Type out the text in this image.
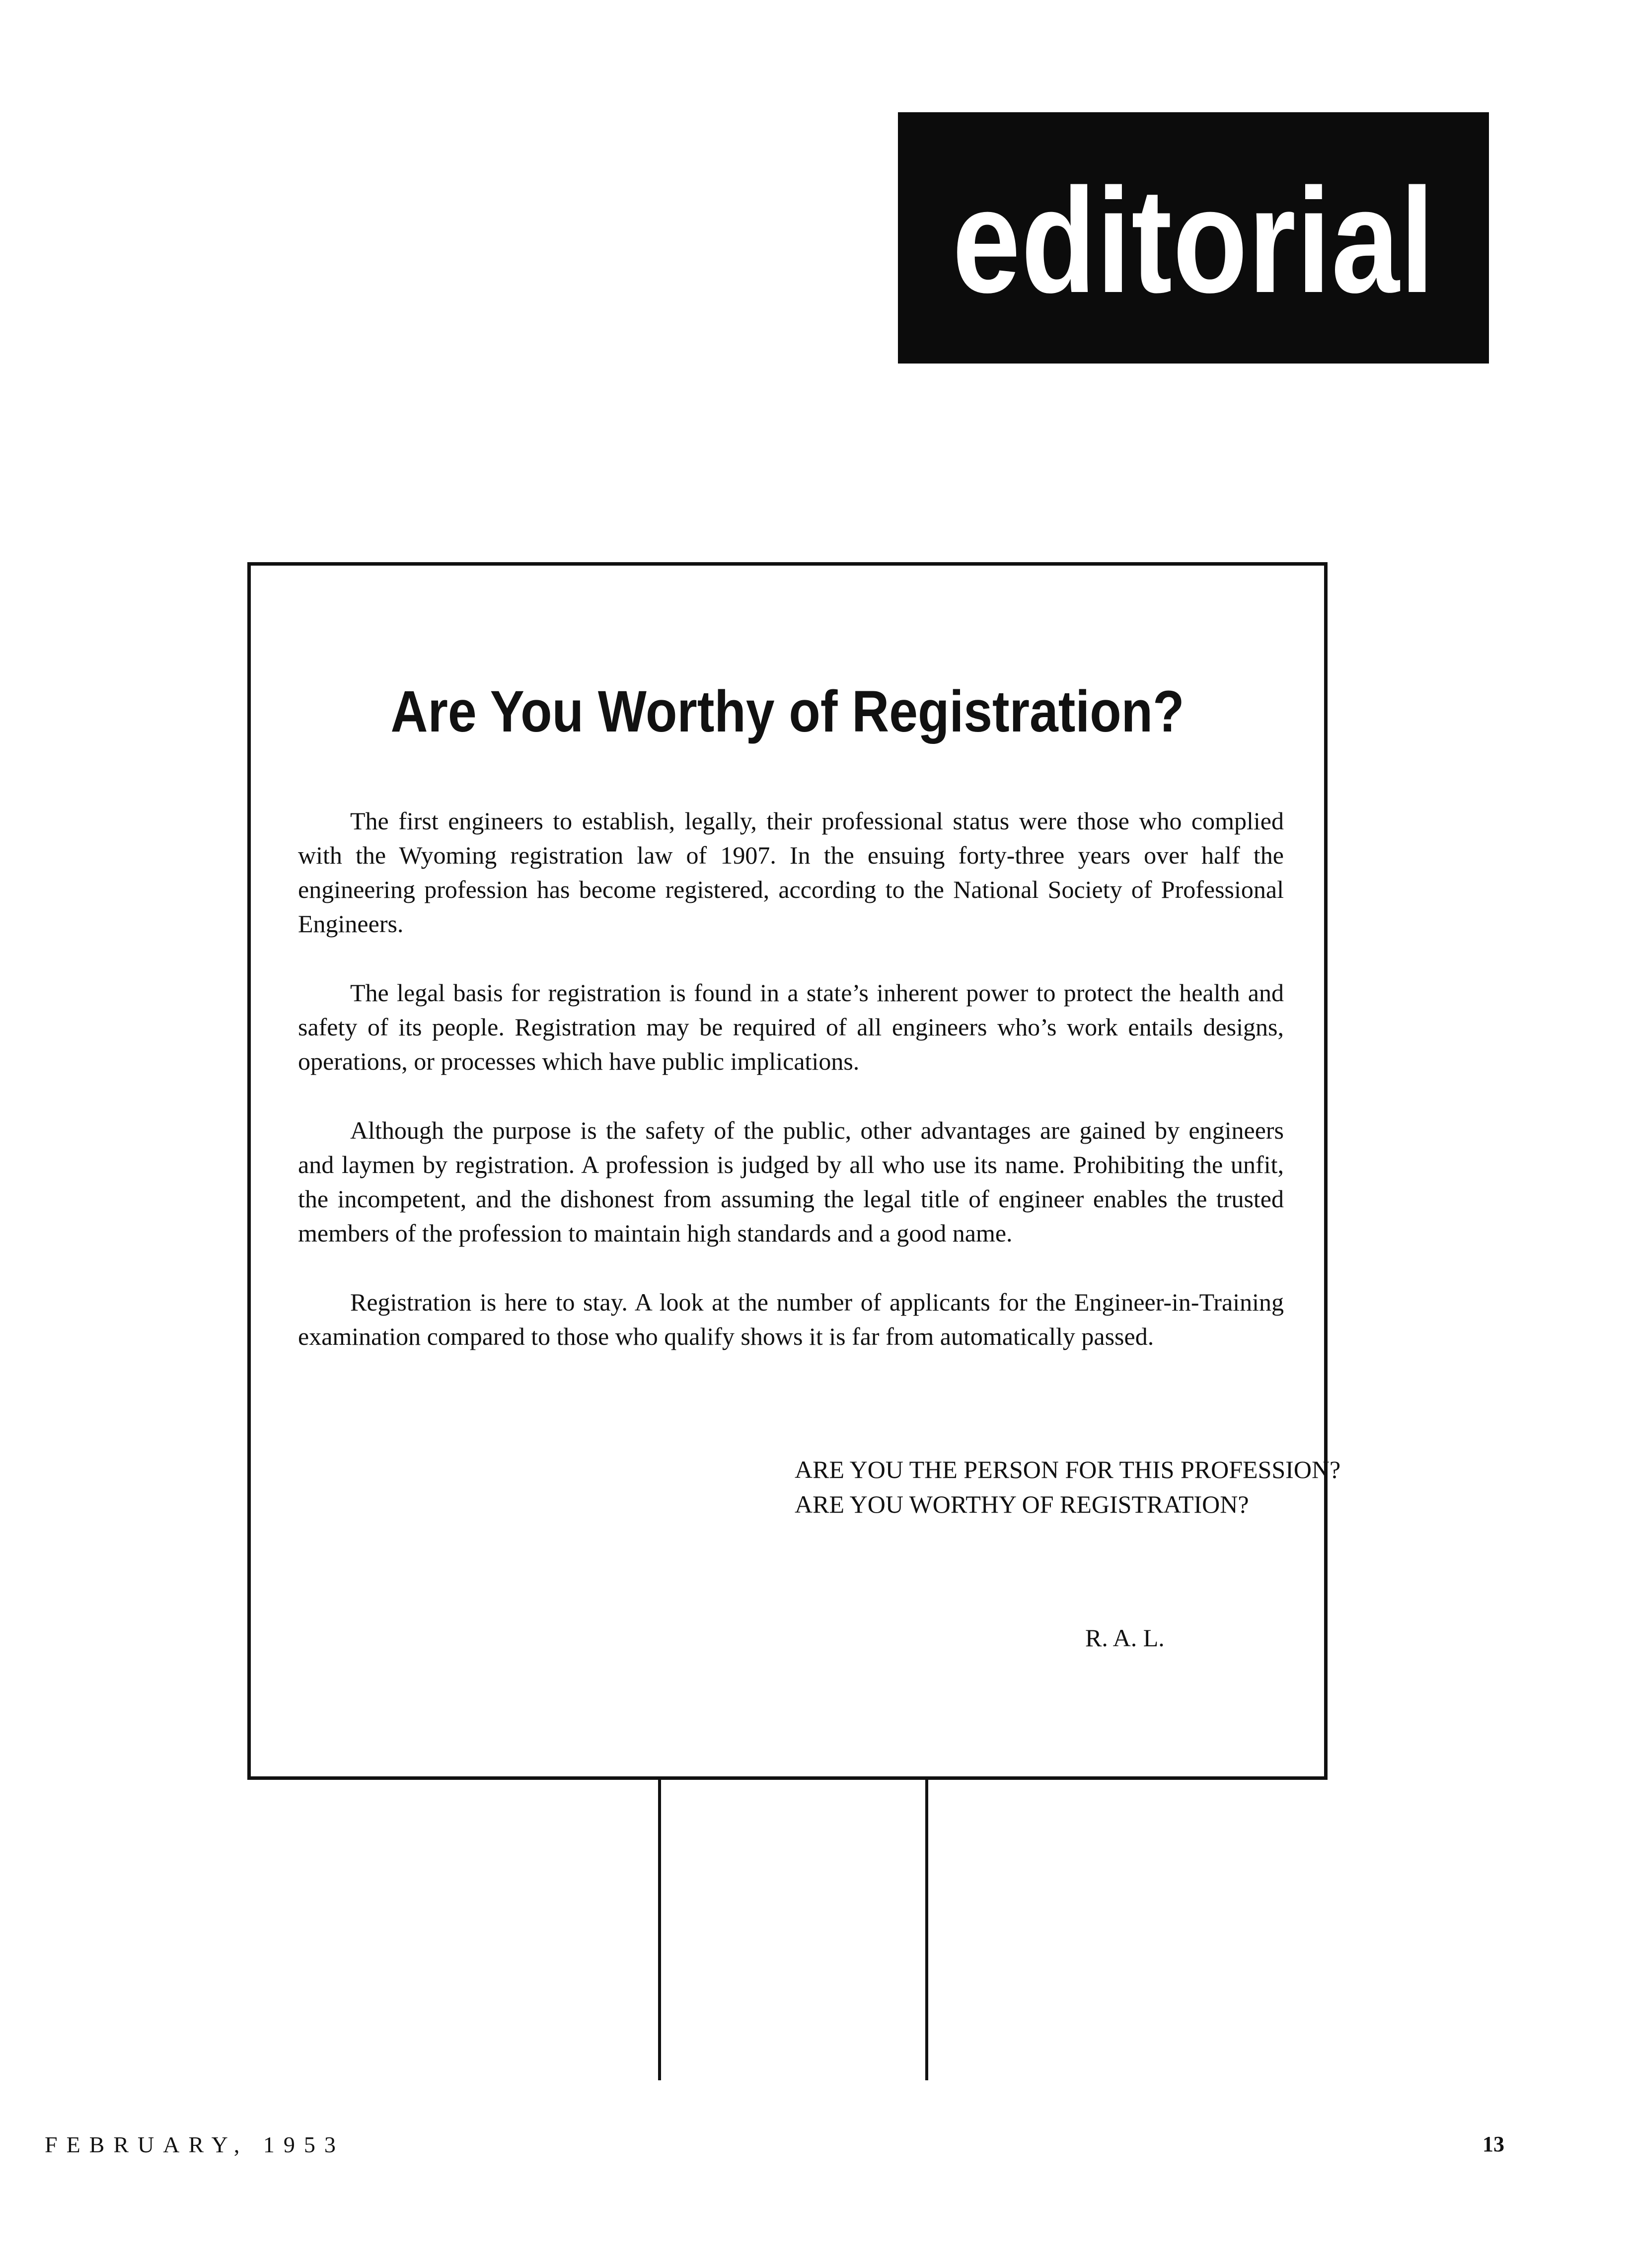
editorial
Are You Worthy of Registration?

The first engineers to establish, legally, their professional status were those who complied with the Wyoming registration law of 1907. In the ensuing forty-three years over half the engineering profession has become registered, according to the National Society of Professional Engineers.

The legal basis for registration is found in a state’s inherent power to protect the health and safety of its people. Registration may be required of all engineers who’s work entails designs, operations, or processes which have public implications.

Although the purpose is the safety of the public, other advantages are gained by engineers and laymen by registration. A profession is judged by all who use its name. Prohibiting the unfit, the incompetent, and the dishonest from assuming the legal title of engineer enables the trusted members of the profession to maintain high standards and a good name.

Registration is here to stay. A look at the number of applicants for the Engineer-in-Training examination compared to those who qualify shows it is far from automatically passed.

ARE YOU THE PERSON FOR THIS PROFESSION?
ARE YOU WORTHY OF REGISTRATION?
R. A. L.
FEBRUARY, 1953	13
